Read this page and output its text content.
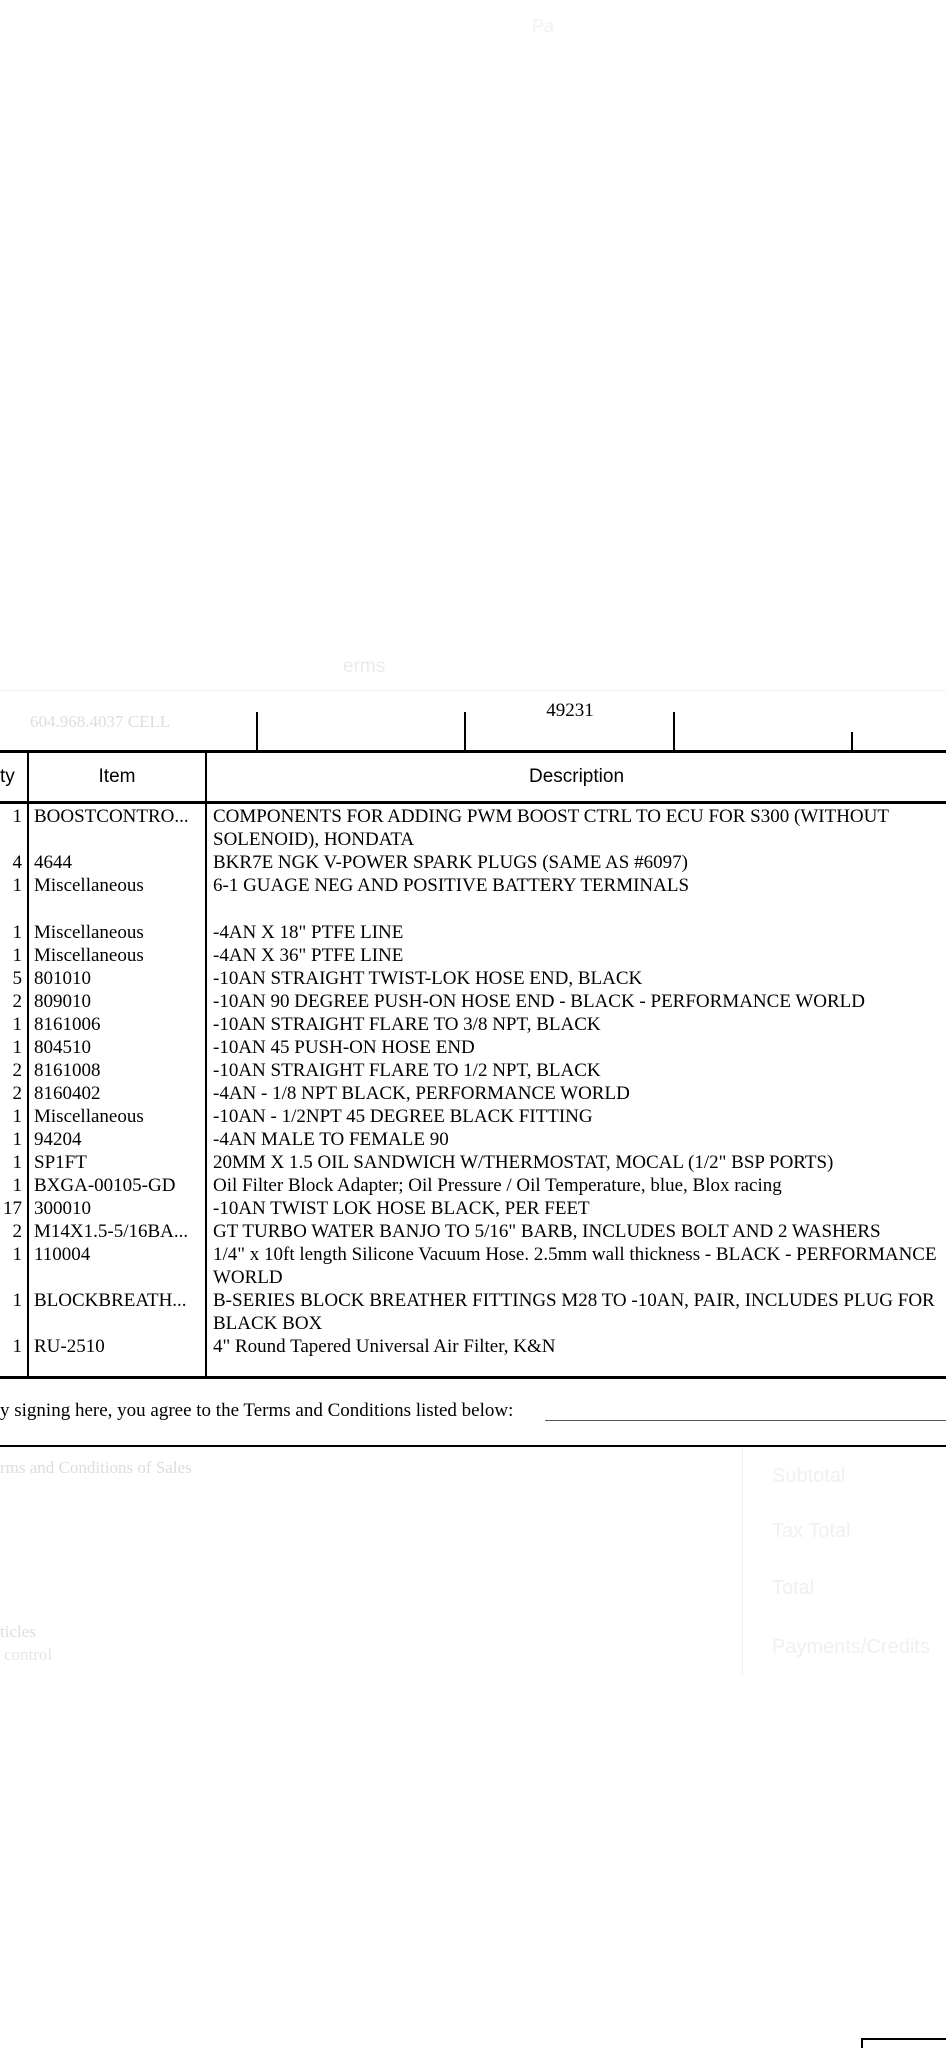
Pa
erms
604.968.4037 CELL
49231
ty	Item	Description
1 BOOSTCONTRO...	COMPONENTS FOR ADDING PWM BOOST CTRL TO ECU FOR S300 (WITHOUT SOLENOID), HONDATA
4 4644	BKR7E NGK V-POWER SPARK PLUGS (SAME AS #6097)
1 Miscellaneous	6-1 GUAGE NEG AND POSITIVE BATTERY TERMINALS
1 Miscellaneous	-4AN X 18" PTFE LINE
1 Miscellaneous	-4AN X 36" PTFE LINE
5 801010	-10AN STRAIGHT TWIST-LOK HOSE END, BLACK
2 809010	-10AN 90 DEGREE PUSH-ON HOSE END - BLACK - PERFORMANCE WORLD
1 8161006	-10AN STRAIGHT FLARE TO 3/8 NPT, BLACK
1 804510	-10AN 45 PUSH-ON HOSE END
2 8161008	-10AN STRAIGHT FLARE TO 1/2 NPT, BLACK
2 8160402	-4AN - 1/8 NPT BLACK, PERFORMANCE WORLD
1 Miscellaneous	-10AN - 1/2NPT 45 DEGREE BLACK FITTING
1 94204	-4AN MALE TO FEMALE 90
1 SP1FT	20MM X 1.5 OIL SANDWICH W/THERMOSTAT, MOCAL (1/2" BSP PORTS)
1 BXGA-00105-GD	Oil Filter Block Adapter; Oil Pressure / Oil Temperature, blue, Blox racing
17 300010	-10AN TWIST LOK HOSE BLACK, PER FEET
2 M14X1.5-5/16BA...	GT TURBO WATER BANJO TO 5/16" BARB, INCLUDES BOLT AND 2 WASHERS
1 110004	1/4" x 10ft length Silicone Vacuum Hose. 2.5mm wall thickness - BLACK - PERFORMANCE WORLD
1 BLOCKBREATH...	B-SERIES BLOCK BREATHER FITTINGS M28 TO -10AN, PAIR, INCLUDES PLUG FOR BLACK BOX
1 RU-2510	4" Round Tapered Universal Air Filter, K&N
y signing here, you agree to the Terms and Conditions listed below:
rms and Conditions of Sales
ticles
control
Subtotal
Tax Total
Total
Payments/Credits
